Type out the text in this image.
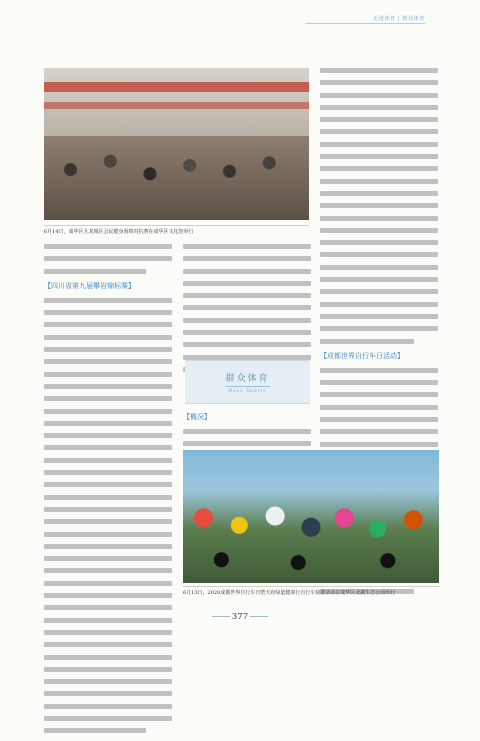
走进体育 | 群众体育
6月14日，成华区九龙城区会民健身围棋对抗赛在成华区文化馆举行
【四川省第九届攀岩锦标赛】
群众体育
Mass Sports
【概况】
【成都世界自行车日活动】
6月13日，2020成都世界自行车日暨天府绿道健康行自行车骑游活动在成华区北湖生态公园举行
377
